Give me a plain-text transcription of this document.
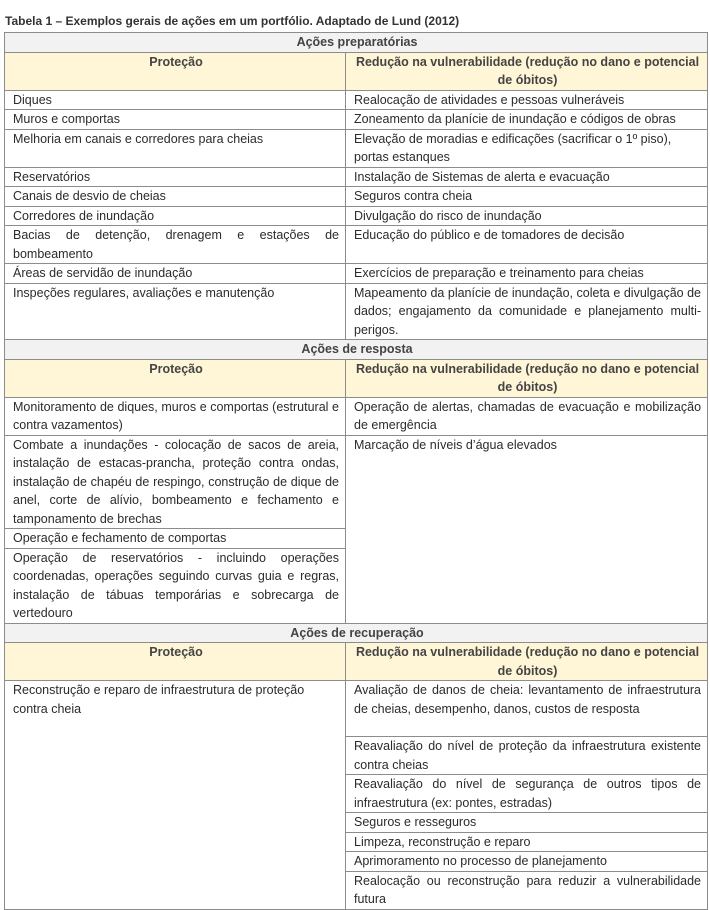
Tabela 1 – Exemplos gerais de ações em um portfólio. Adaptado de Lund (2012)
Ações preparatórias	
Proteção	Redução na vulnerabilidade (redução no dano e potencial de óbitos)
Diques	Realocação de atividades e pessoas vulneráveis
Muros e comportas	Zoneamento da planície de inundação e códigos de obras
Melhoria em canais e corredores para cheias	Elevação de moradias e edificações (sacrificar o 1º piso), portas estanques
Reservatórios	Instalação de Sistemas de alerta e evacuação
Canais de desvio de cheias	Seguros contra cheia
Corredores de inundação	Divulgação do risco de inundação
Bacias de detenção, drenagem e estações de bombeamento	Educação do público e de tomadores de decisão
Áreas de servidão de inundação	Exercícios de preparação e treinamento para cheias
Inspeções regulares, avaliações e manutenção	Mapeamento da planície de inundação, coleta e divulgação de dados; engajamento da comunidade e planejamento multi-perigos.
Ações de resposta	
Proteção	Redução na vulnerabilidade (redução no dano e potencial de óbitos)
Monitoramento de diques, muros e comportas (estrutural e contra vazamentos)	Operação de alertas, chamadas de evacuação e mobilização de emergência
Combate a inundações - colocação de sacos de areia, instalação de estacas-prancha, proteção contra ondas, instalação de chapéu de respingo, construção de dique de anel, corte de alívio, bombeamento e fechamento e tamponamento de brechas	Marcação de níveis d’água elevados
Operação e fechamento de comportas	
Operação de reservatórios - incluindo operações coordenadas, operações seguindo curvas guia e regras, instalação de tábuas temporárias e sobrecarga de vertedouro	
Ações de recuperação	
Proteção	Redução na vulnerabilidade (redução no dano e potencial de óbitos)
Reconstrução e reparo de infraestrutura de proteção contra cheia	Avaliação de danos de cheia: levantamento de infraestrutura de cheias, desempenho, danos, custos de resposta
	Reavaliação do nível de proteção da infraestrutura existente contra cheias
	Reavaliação do nível de segurança de outros tipos de infraestrutura (ex: pontes, estradas)
	Seguros e resseguros
	Limpeza, reconstrução e reparo
	Aprimoramento no processo de planejamento
	Realocação ou reconstrução para reduzir a vulnerabilidade futura
